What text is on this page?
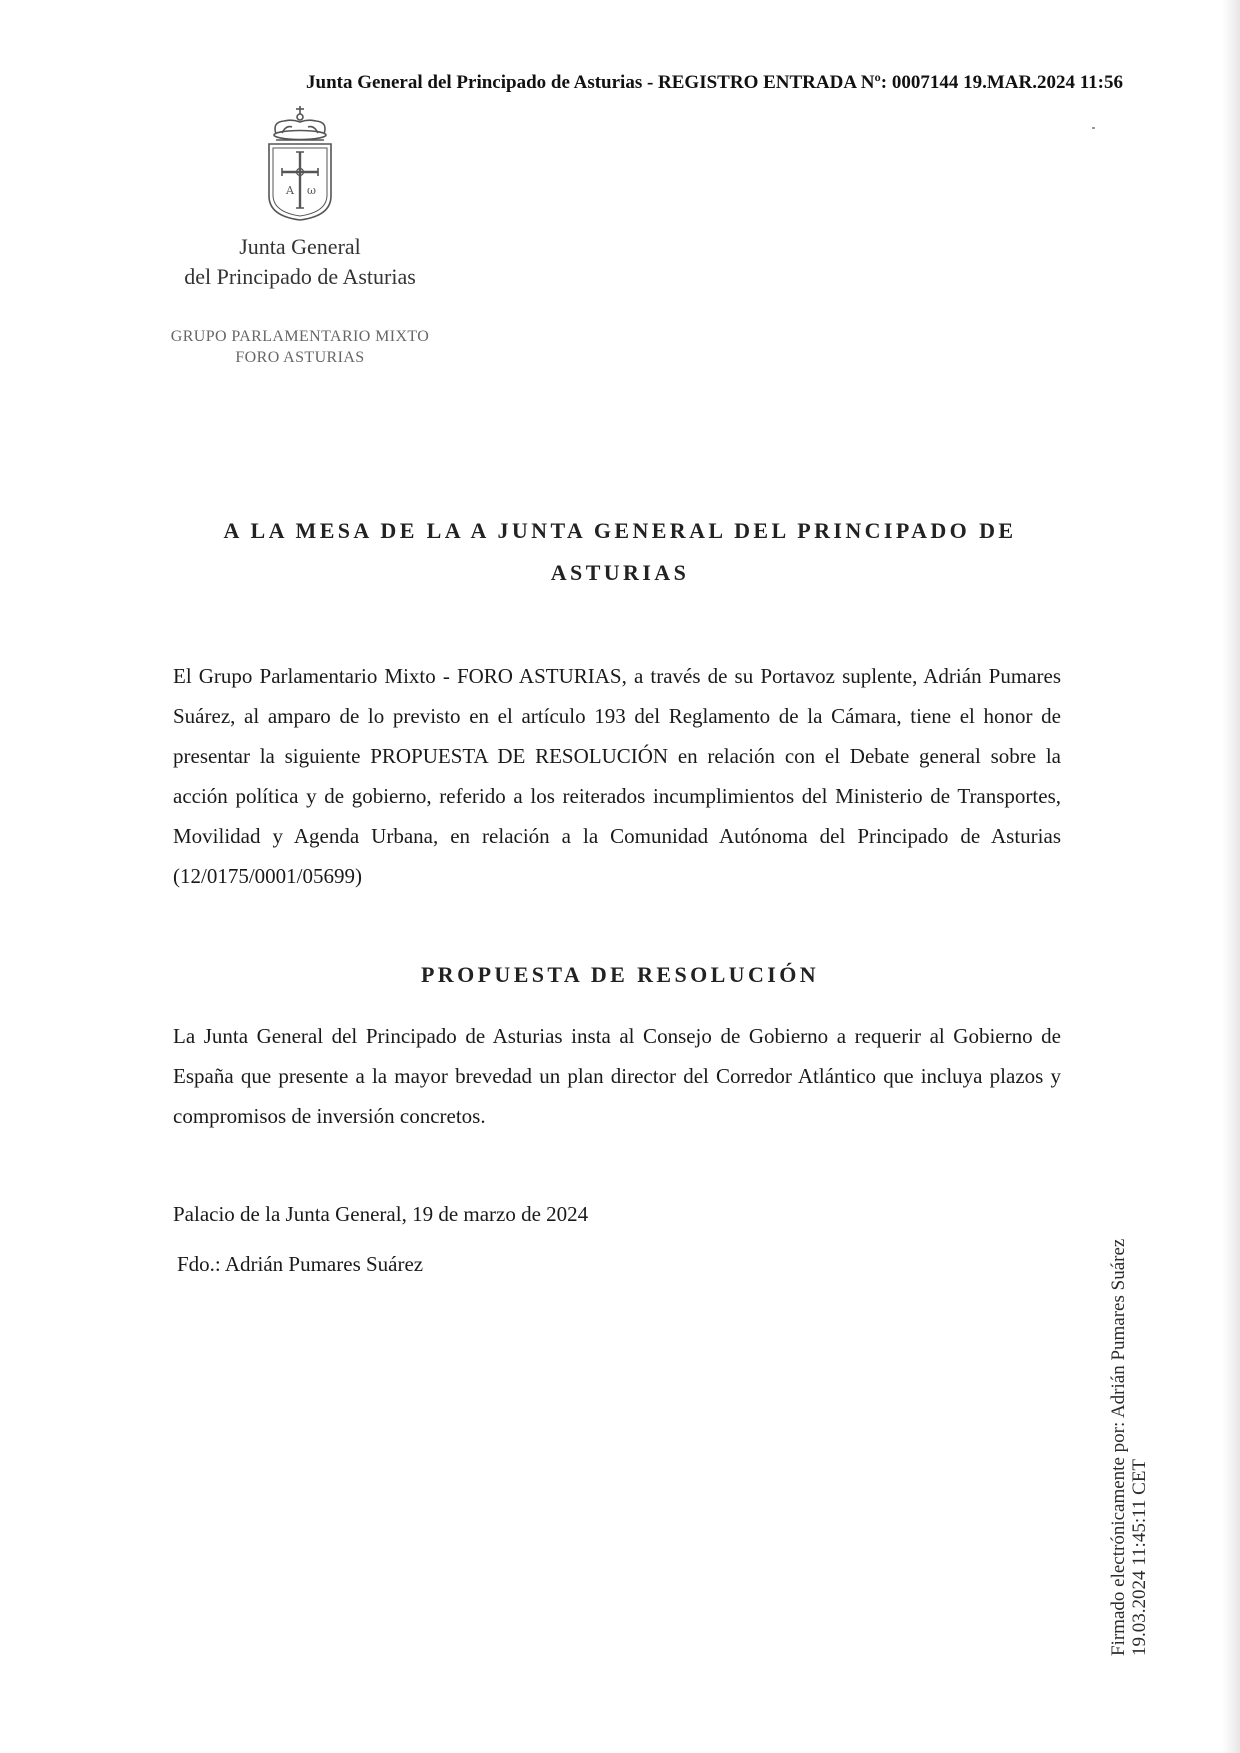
Junta General del Principado de Asturias - REGISTRO ENTRADA Nº: 0007144 19.MAR.2024 11:56
A ω
Junta General
del Principado de Asturias
GRUPO PARLAMENTARIO MIXTO
FORO ASTURIAS
A LA MESA DE LA A JUNTA GENERAL DEL PRINCIPADO DE
ASTURIAS
El Grupo Parlamentario Mixto - FORO ASTURIAS, a través de su Portavoz suplente, Adrián Pumares Suárez, al amparo de lo previsto en el artículo 193 del Reglamento de la Cámara, tiene el honor de presentar la siguiente PROPUESTA DE RESOLUCIÓN en relación con el Debate general sobre la acción política y de gobierno, referido a los reiterados incumplimientos del Ministerio de Transportes, Movilidad y Agenda Urbana, en relación a la Comunidad Autónoma del Principado de Asturias (12/0175/0001/05699)
PROPUESTA DE RESOLUCIÓN
La Junta General del Principado de Asturias insta al Consejo de Gobierno a requerir al Gobierno de España que presente a la mayor brevedad un plan director del Corredor Atlántico que incluya plazos y compromisos de inversión concretos.
Palacio de la Junta General, 19 de marzo de 2024
Fdo.: Adrián Pumares Suárez	Firmado electrónicamente por: Adrián Pumares Suárez 19.03.2024 11:45:11 CET
